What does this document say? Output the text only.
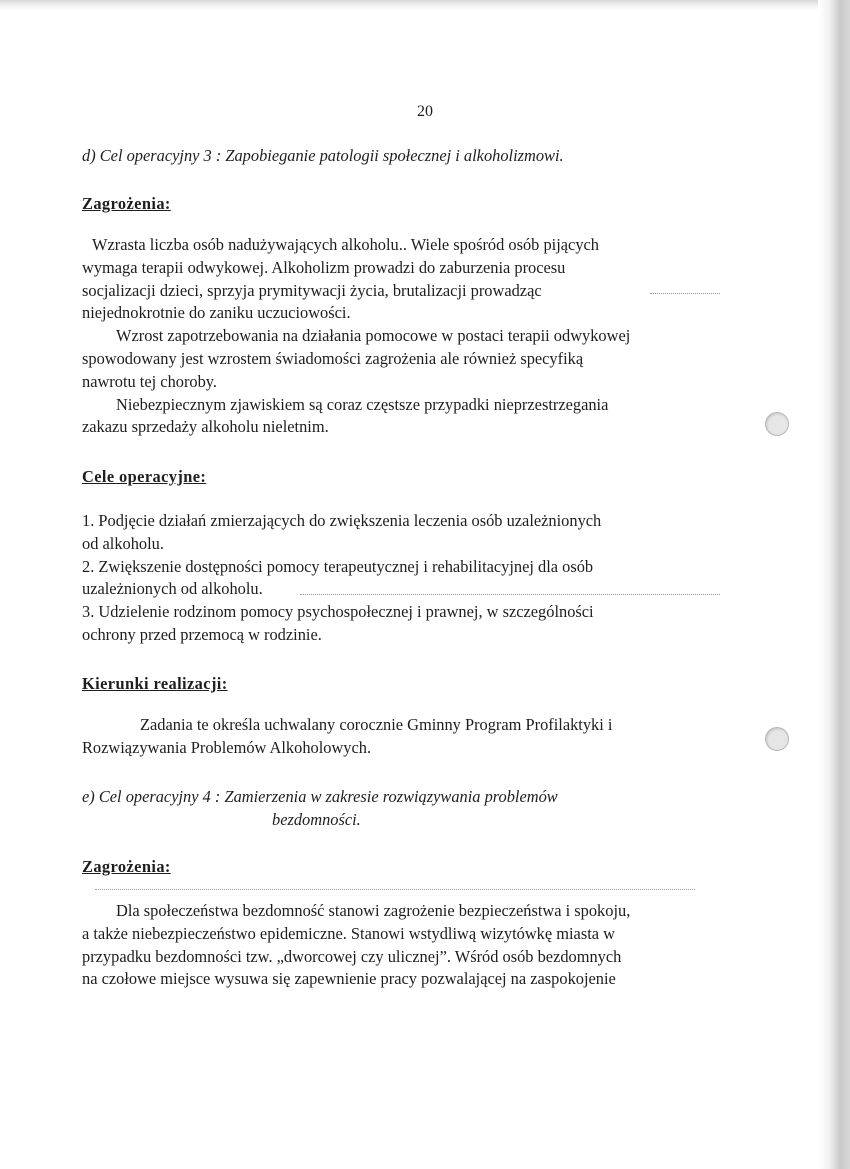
20
d) Cel operacyjny 3 : Zapobieganie patologii społecznej i alkoholizmowi.
Zagrożenia:
Wzrasta liczba osób nadużywających alkoholu.. Wiele spośród osób pijących
wymaga terapii odwykowej. Alkoholizm prowadzi do zaburzenia procesu
socjalizacji dzieci, sprzyja prymitywacji życia, brutalizacji prowadząc
niejednokrotnie do zaniku uczuciowości.
Wzrost zapotrzebowania na działania pomocowe w postaci terapii odwykowej
spowodowany jest wzrostem świadomości zagrożenia ale również specyfiką
nawrotu tej choroby.
Niebezpiecznym zjawiskiem są coraz częstsze przypadki nieprzestrzegania
zakazu sprzedaży alkoholu nieletnim.
Cele operacyjne:
1. Podjęcie działań zmierzających do zwiększenia leczenia osób uzależnionych
od alkoholu.
2. Zwiększenie dostępności pomocy terapeutycznej i rehabilitacyjnej dla osób
uzależnionych od alkoholu.
3. Udzielenie rodzinom pomocy psychospołecznej i prawnej, w szczególności
ochrony przed przemocą w rodzinie.
Kierunki realizacji:
Zadania te określa uchwalany corocznie Gminny Program Profilaktyki i
Rozwiązywania Problemów Alkoholowych.
e) Cel operacyjny 4 : Zamierzenia w zakresie rozwiązywania problemów
bezdomności.
Zagrożenia:
Dla społeczeństwa bezdomność stanowi zagrożenie bezpieczeństwa i spokoju,
a także niebezpieczeństwo epidemiczne. Stanowi wstydliwą wizytówkę miasta w
przypadku bezdomności tzw. „dworcowej czy ulicznej”. Wśród osób bezdomnych
na czołowe miejsce wysuwa się zapewnienie pracy pozwalającej na zaspokojenie
